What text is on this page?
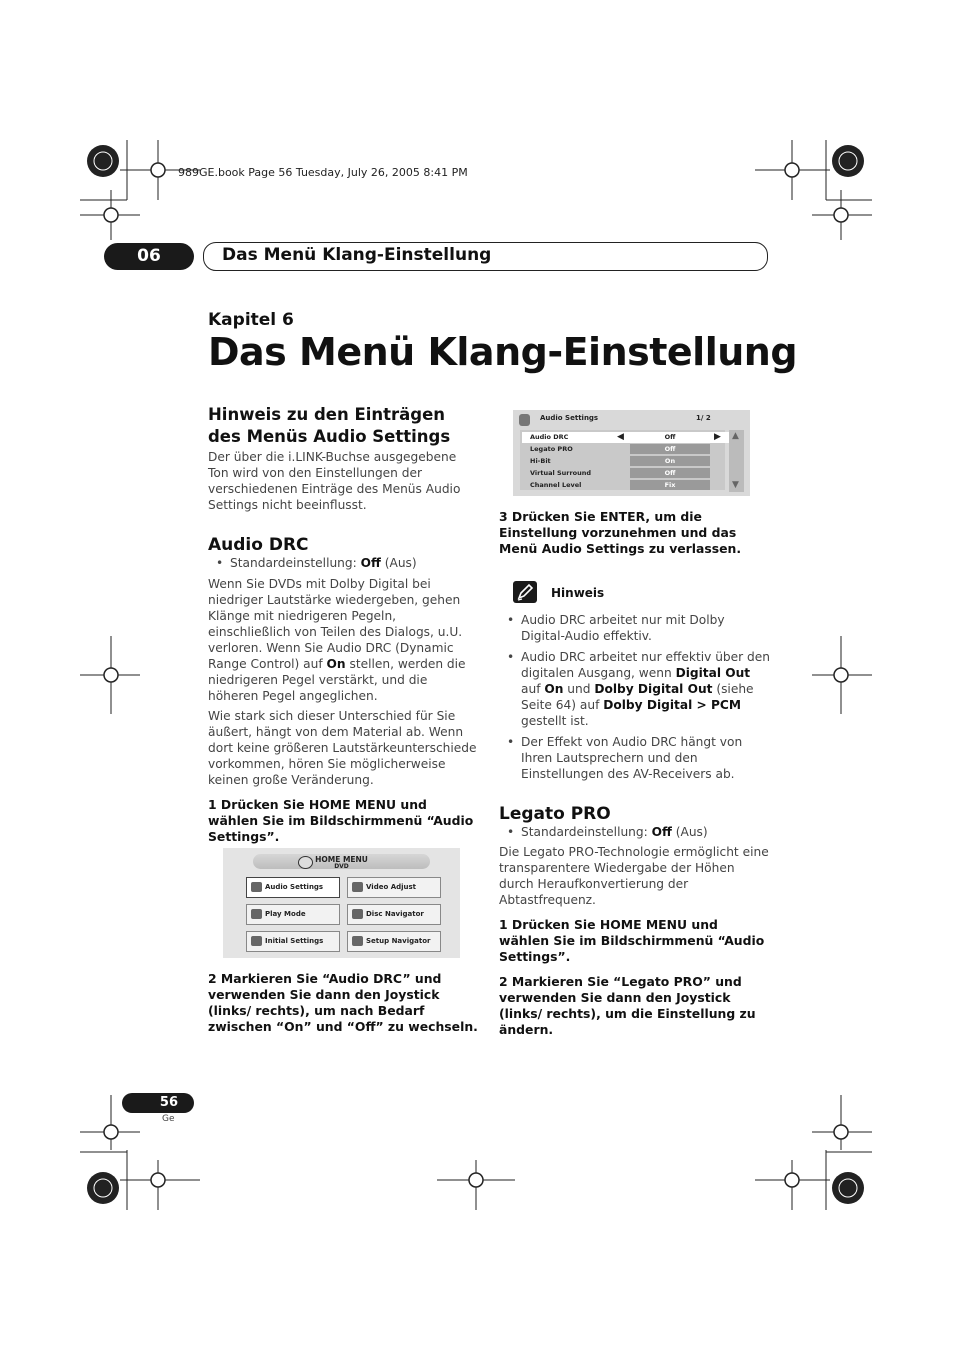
989GE.book Page 56 Tuesday, July 26, 2005 8:41 PM
06	Das Menü Klang-Einstellung
Kapitel 6
Das Menü Klang-Einstellung

Hinweis zu den Einträgen des Menüs Audio Settings

Der über die i.LINK-Buchse ausgegebene Ton wird von den Einstellungen der verschiedenen Einträge des Menüs Audio Settings nicht beeinflusst.

Audio DRC

• Standardeinstellung: Off (Aus)

Wenn Sie DVDs mit Dolby Digital bei niedriger Lautstärke wiedergeben, gehen Klänge mit niedrigeren Pegeln, einschließlich von Teilen des Dialogs, u.U. verloren. Wenn Sie Audio DRC (Dynamic Range Control) auf On stellen, werden die niedrigeren Pegel verstärkt, und die höheren Pegel angeglichen.

Wie stark sich dieser Unterschied für Sie äußert, hängt von dem Material ab. Wenn dort keine größeren Lautstärkeunterschiede vorkommen, hören Sie möglicherweise keinen große Veränderung.

1 Drücken Sie HOME MENU und wählen Sie im Bildschirmmenü “Audio Settings”.

HOME MENU
DVD
Audio Settings	Video Adjust
Play Mode	Disc Navigator
Initial Settings	Setup Navigator

2 Markieren Sie “Audio DRC” und verwenden Sie dann den Joystick (links/ rechts), um nach Bedarf zwischen “On” und “Off” zu wechseln.

Audio Settings	1/ 2
Audio DRC	◀	Off	▶
Legato PRO	Off
Hi-Bit	On
Virtual Surround	Off
Channel Level	Fix
▲
▼

3 Drücken Sie ENTER, um die Einstellung vorzunehmen und das Menü Audio Settings zu verlassen.

Hinweis

• Audio DRC arbeitet nur mit Dolby Digital-Audio effektiv.

• Audio DRC arbeitet nur effektiv über den digitalen Ausgang, wenn Digital Out auf On und Dolby Digital Out (siehe Seite 64) auf Dolby Digital > PCM gestellt ist.

• Der Effekt von Audio DRC hängt von Ihren Lautsprechern und den Einstellungen des AV-Receivers ab.

Legato PRO

• Standardeinstellung: Off (Aus)

Die Legato PRO-Technologie ermöglicht eine transparentere Wiedergabe der Höhen durch Heraufkonvertierung der Abtastfrequenz.

1 Drücken Sie HOME MENU und wählen Sie im Bildschirmmenü “Audio Settings”.

2 Markieren Sie “Legato PRO” und verwenden Sie dann den Joystick (links/ rechts), um die Einstellung zu ändern.

56
Ge
